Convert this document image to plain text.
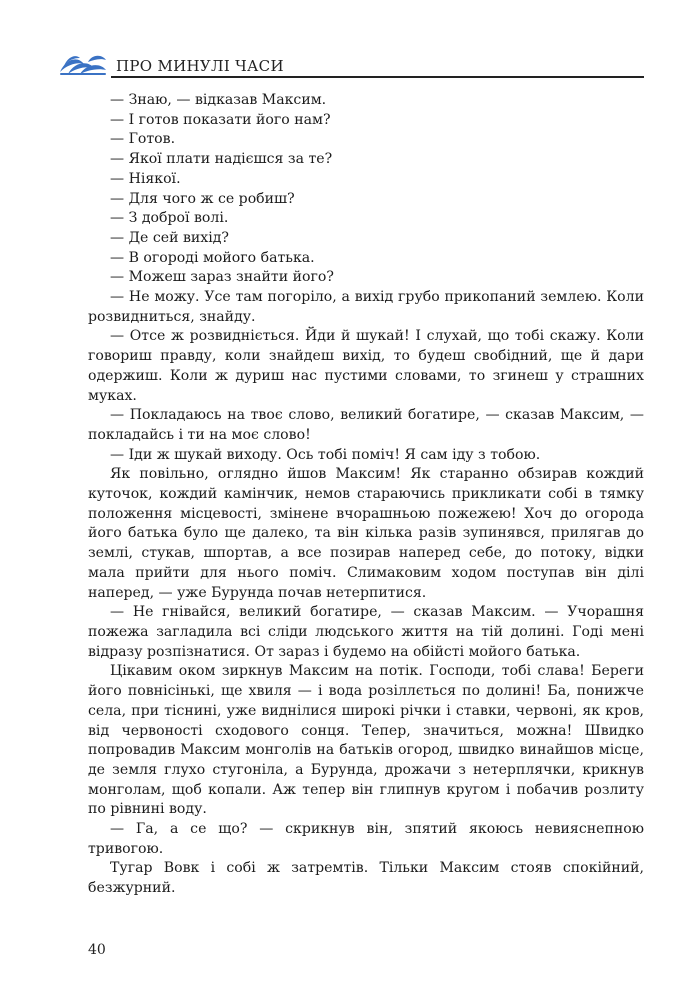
ПРО МИНУЛІ ЧАСИ

— Знаю, — відказав Максим.

— І готов показати його нам?

— Готов.

— Якої плати надієшся за те?

— Ніякої.

— Для чого ж се робиш?

— З доброї волі.

— Де сей вихід?

— В огороді мойого батька.

— Можеш зараз знайти його?

— Не можу. Усе там погоріло, а вихід грубо прикопаний землею. Коли розвидниться, знайду.

— Отсе ж розвидніється. Йди й шукай! І слухай, що тобі скажу. Коли говориш правду, коли знайдеш вихід, то будеш свобідний, ще й дари одержиш. Коли ж дуриш нас пустими словами, то згинеш у страшних муках.

— Покладаюсь на твоє слово, великий богатире, — сказав Максим, — покладайсь і ти на моє слово!

— Іди ж шукай виходу. Ось тобі поміч! Я сам іду з тобою.

Як повільно, оглядно йшов Максим! Як старанно обзирав кождий куточок, кождий камінчик, немов стараючись прикликати собі в тямку положення місцевості, змінене вчорашньою пожежею! Хоч до огорода його батька було ще далеко, та він кілька разів зупинявся, прилягав до землі, стукав, шпортав, а все позирав наперед себе, до потоку, відки мала прийти для нього поміч. Слимаковим ходом поступав він ділі наперед, — уже Бурунда почав нетерпитися.

— Не гнівайся, великий богатире, — сказав Максим. — Учорашня пожежа загладила всі сліди людського життя на тій долині. Годі мені відразу розпізнатися. От зараз і будемо на обійсті мойого батька.

Цікавим оком зиркнув Максим на потік. Господи, тобі слава! Береги його повнісінькі, ще хвиля — і вода розіллється по долині! Ба, понижче села, при тіснині, уже виднілися широкі річки і ставки, червоні, як кров, від червоності сходового сонця. Тепер, значиться, можна! Швидко попровадив Максим монголів на батьків огород, швидко винайшов місце, де земля глухо стугоніла, а Бурунда, дрожачи з нетерплячки, крикнув монголам, щоб копали. Аж тепер він глипнув кругом і побачив розлиту по рівнині воду.

— Га, а се що? — скрикнув він, зпятий якоюсь невияснепною тривогою.

Тугар Вовк і собі ж затремтів. Тільки Максим стояв спокійний, безжурний.

40
